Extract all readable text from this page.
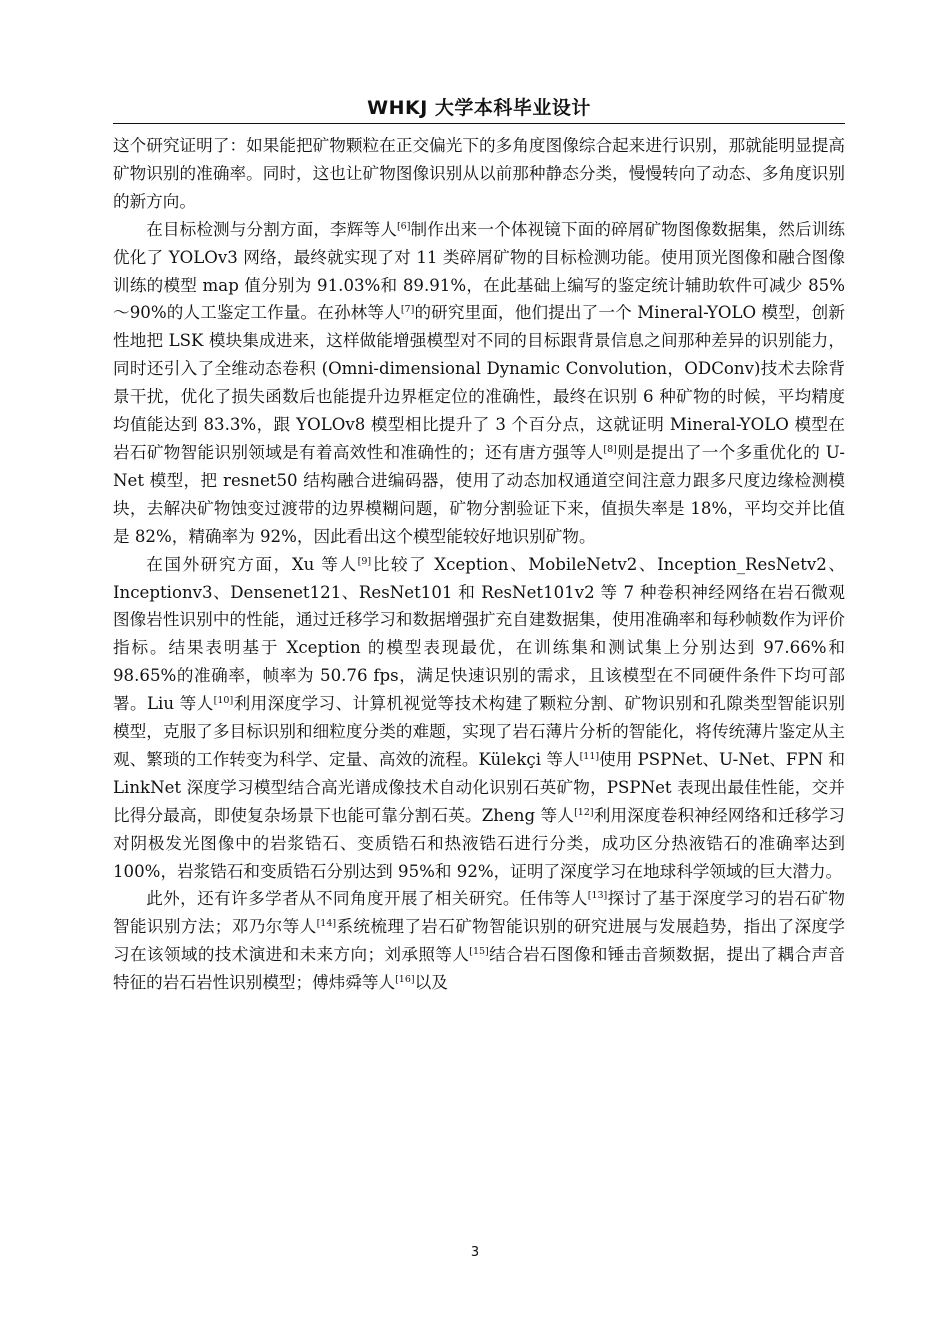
WHKJ 大学本科毕业设计

这个研究证明了：如果能把矿物颗粒在正交偏光下的多角度图像综合起来进行识别，那就能明显提高矿物识别的准确率。同时，这也让矿物图像识别从以前那种静态分类，慢慢转向了动态、多角度识别的新方向。

在目标检测与分割方面，李辉等人[6]制作出来一个体视镜下面的碎屑矿物图像数据集，然后训练优化了 YOLOv3 网络，最终就实现了对 11 类碎屑矿物的目标检测功能。使用顶光图像和融合图像训练的模型 map 值分别为 91.03%和 89.91%，在此基础上编写的鉴定统计辅助软件可减少 85%～90%的人工鉴定工作量。在孙林等人[7]的研究里面，他们提出了一个 Mineral-YOLO 模型，创新性地把 LSK 模块集成进来，这样做能增强模型对不同的目标跟背景信息之间那种差异的识别能力，同时还引入了全维动态卷积 (Omni-dimensional Dynamic Convolution，ODConv)技术去除背景干扰，优化了损失函数后也能提升边界框定位的准确性，最终在识别 6 种矿物的时候，平均精度均值能达到 83.3%，跟 YOLOv8 模型相比提升了 3 个百分点，这就证明 Mineral-YOLO 模型在岩石矿物智能识别领域是有着高效性和准确性的；还有唐方强等人[8]则是提出了一个多重优化的 U-Net 模型，把 resnet50 结构融合进编码器，使用了动态加权通道空间注意力跟多尺度边缘检测模块，去解决矿物蚀变过渡带的边界模糊问题，矿物分割验证下来，值损失率是 18%，平均交并比值是 82%，精确率为 92%，因此看出这个模型能较好地识别矿物。

在国外研究方面，Xu 等人[9]比较了 Xception、MobileNetv2、Inception_ResNetv2、Inceptionv3、Densenet121、ResNet101 和 ResNet101v2 等 7 种卷积神经网络在岩石微观图像岩性识别中的性能，通过迁移学习和数据增强扩充自建数据集，使用准确率和每秒帧数作为评价指标。结果表明基于 Xception 的模型表现最优，在训练集和测试集上分别达到 97.66%和 98.65%的准确率，帧率为 50.76 fps，满足快速识别的需求，且该模型在不同硬件条件下均可部署。Liu 等人[10]利用深度学习、计算机视觉等技术构建了颗粒分割、矿物识别和孔隙类型智能识别模型，克服了多目标识别和细粒度分类的难题，实现了岩石薄片分析的智能化，将传统薄片鉴定从主观、繁琐的工作转变为科学、定量、高效的流程。Külekçi 等人[11]使用 PSPNet、U-Net、FPN 和 LinkNet 深度学习模型结合高光谱成像技术自动化识别石英矿物，PSPNet 表现出最佳性能，交并比得分最高，即使复杂场景下也能可靠分割石英。Zheng 等人[12]利用深度卷积神经网络和迁移学习对阴极发光图像中的岩浆锆石、变质锆石和热液锆石进行分类，成功区分热液锆石的准确率达到 100%，岩浆锆石和变质锆石分别达到 95%和 92%，证明了深度学习在地球科学领域的巨大潜力。

此外，还有许多学者从不同角度开展了相关研究。任伟等人[13]探讨了基于深度学习的岩石矿物智能识别方法；邓乃尔等人[14]系统梳理了岩石矿物智能识别的研究进展与发展趋势，指出了深度学习在该领域的技术演进和未来方向；刘承照等人[15]结合岩石图像和锤击音频数据，提出了耦合声音特征的岩石岩性识别模型；傅炜舜等人[16]以及

3
